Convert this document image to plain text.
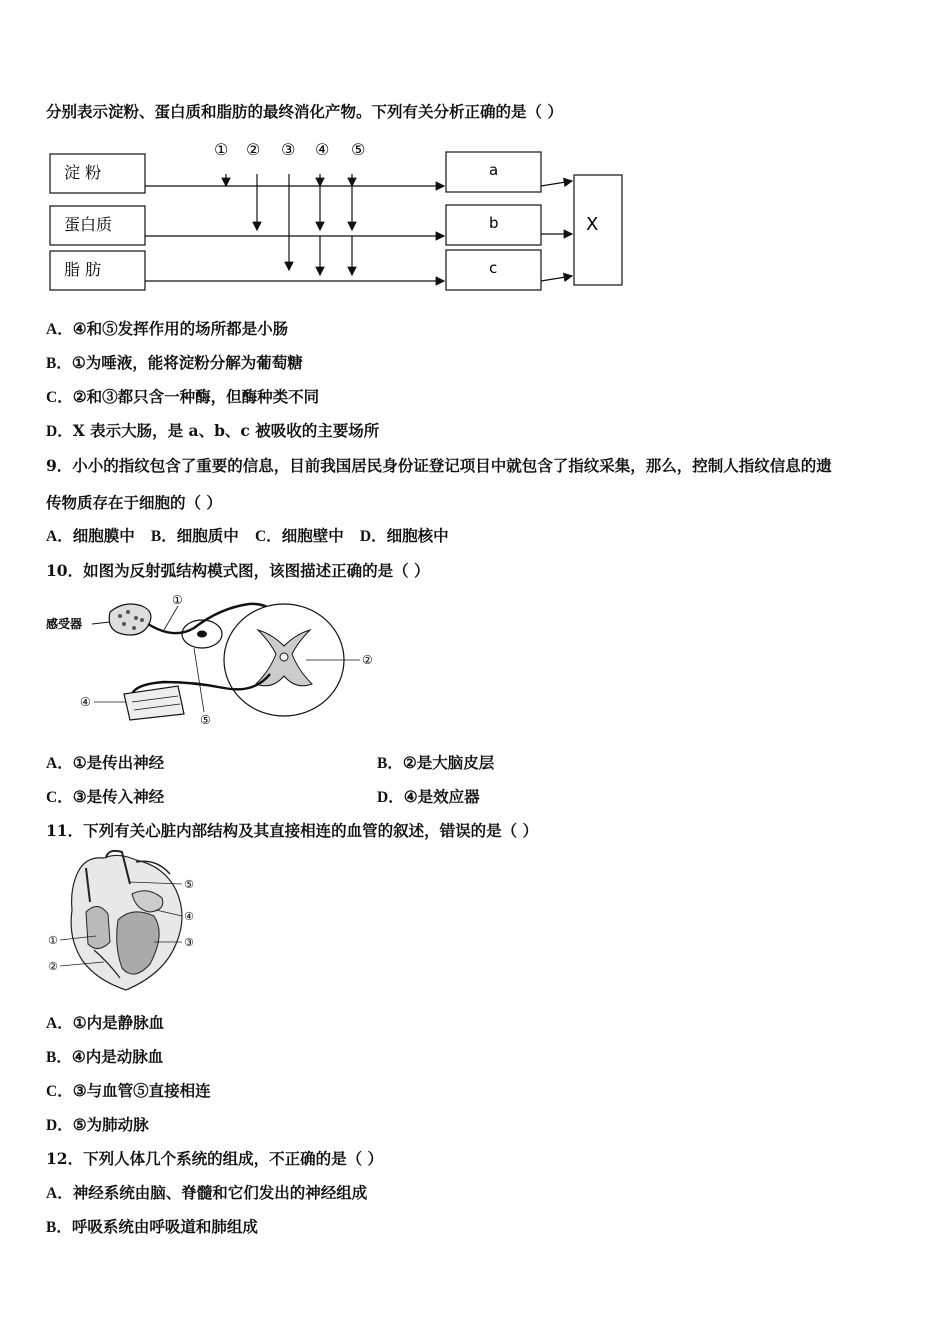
分别表示淀粉、蛋白质和脂肪的最终消化产物。下列有关分析正确的是（ ）
淀 粉
蛋白质
脂 肪
① ② ③ ④ ⑤
a
b
c
X
A．④和⑤发挥作用的场所都是小肠
B．①为唾液，能将淀粉分解为葡萄糖
C．②和③都只含一种酶，但酶种类不同
D．X 表示大肠，是 a、b、c 被吸收的主要场所
9．小小的指纹包含了重要的信息，目前我国居民身份证登记项目中就包含了指纹采集，那么，控制人指纹信息的遗
传物质存在于细胞的（ ）
A．细胞膜中 B．细胞质中 C．细胞壁中 D．细胞核中
10．如图为反射弧结构模式图，该图描述正确的是（ ）
感受器
①
②
④
⑤
A．①是传出神经	B．②是大脑皮层
C．③是传入神经	D．④是效应器
11．下列有关心脏内部结构及其直接相连的血管的叙述，错误的是（ ）
①
②
③
④
⑤
A．①内是静脉血
B．④内是动脉血
C．③与血管⑤直接相连
D．⑤为肺动脉
12．下列人体几个系统的组成，不正确的是（ ）
A．神经系统由脑、脊髓和它们发出的神经组成
B．呼吸系统由呼吸道和肺组成
